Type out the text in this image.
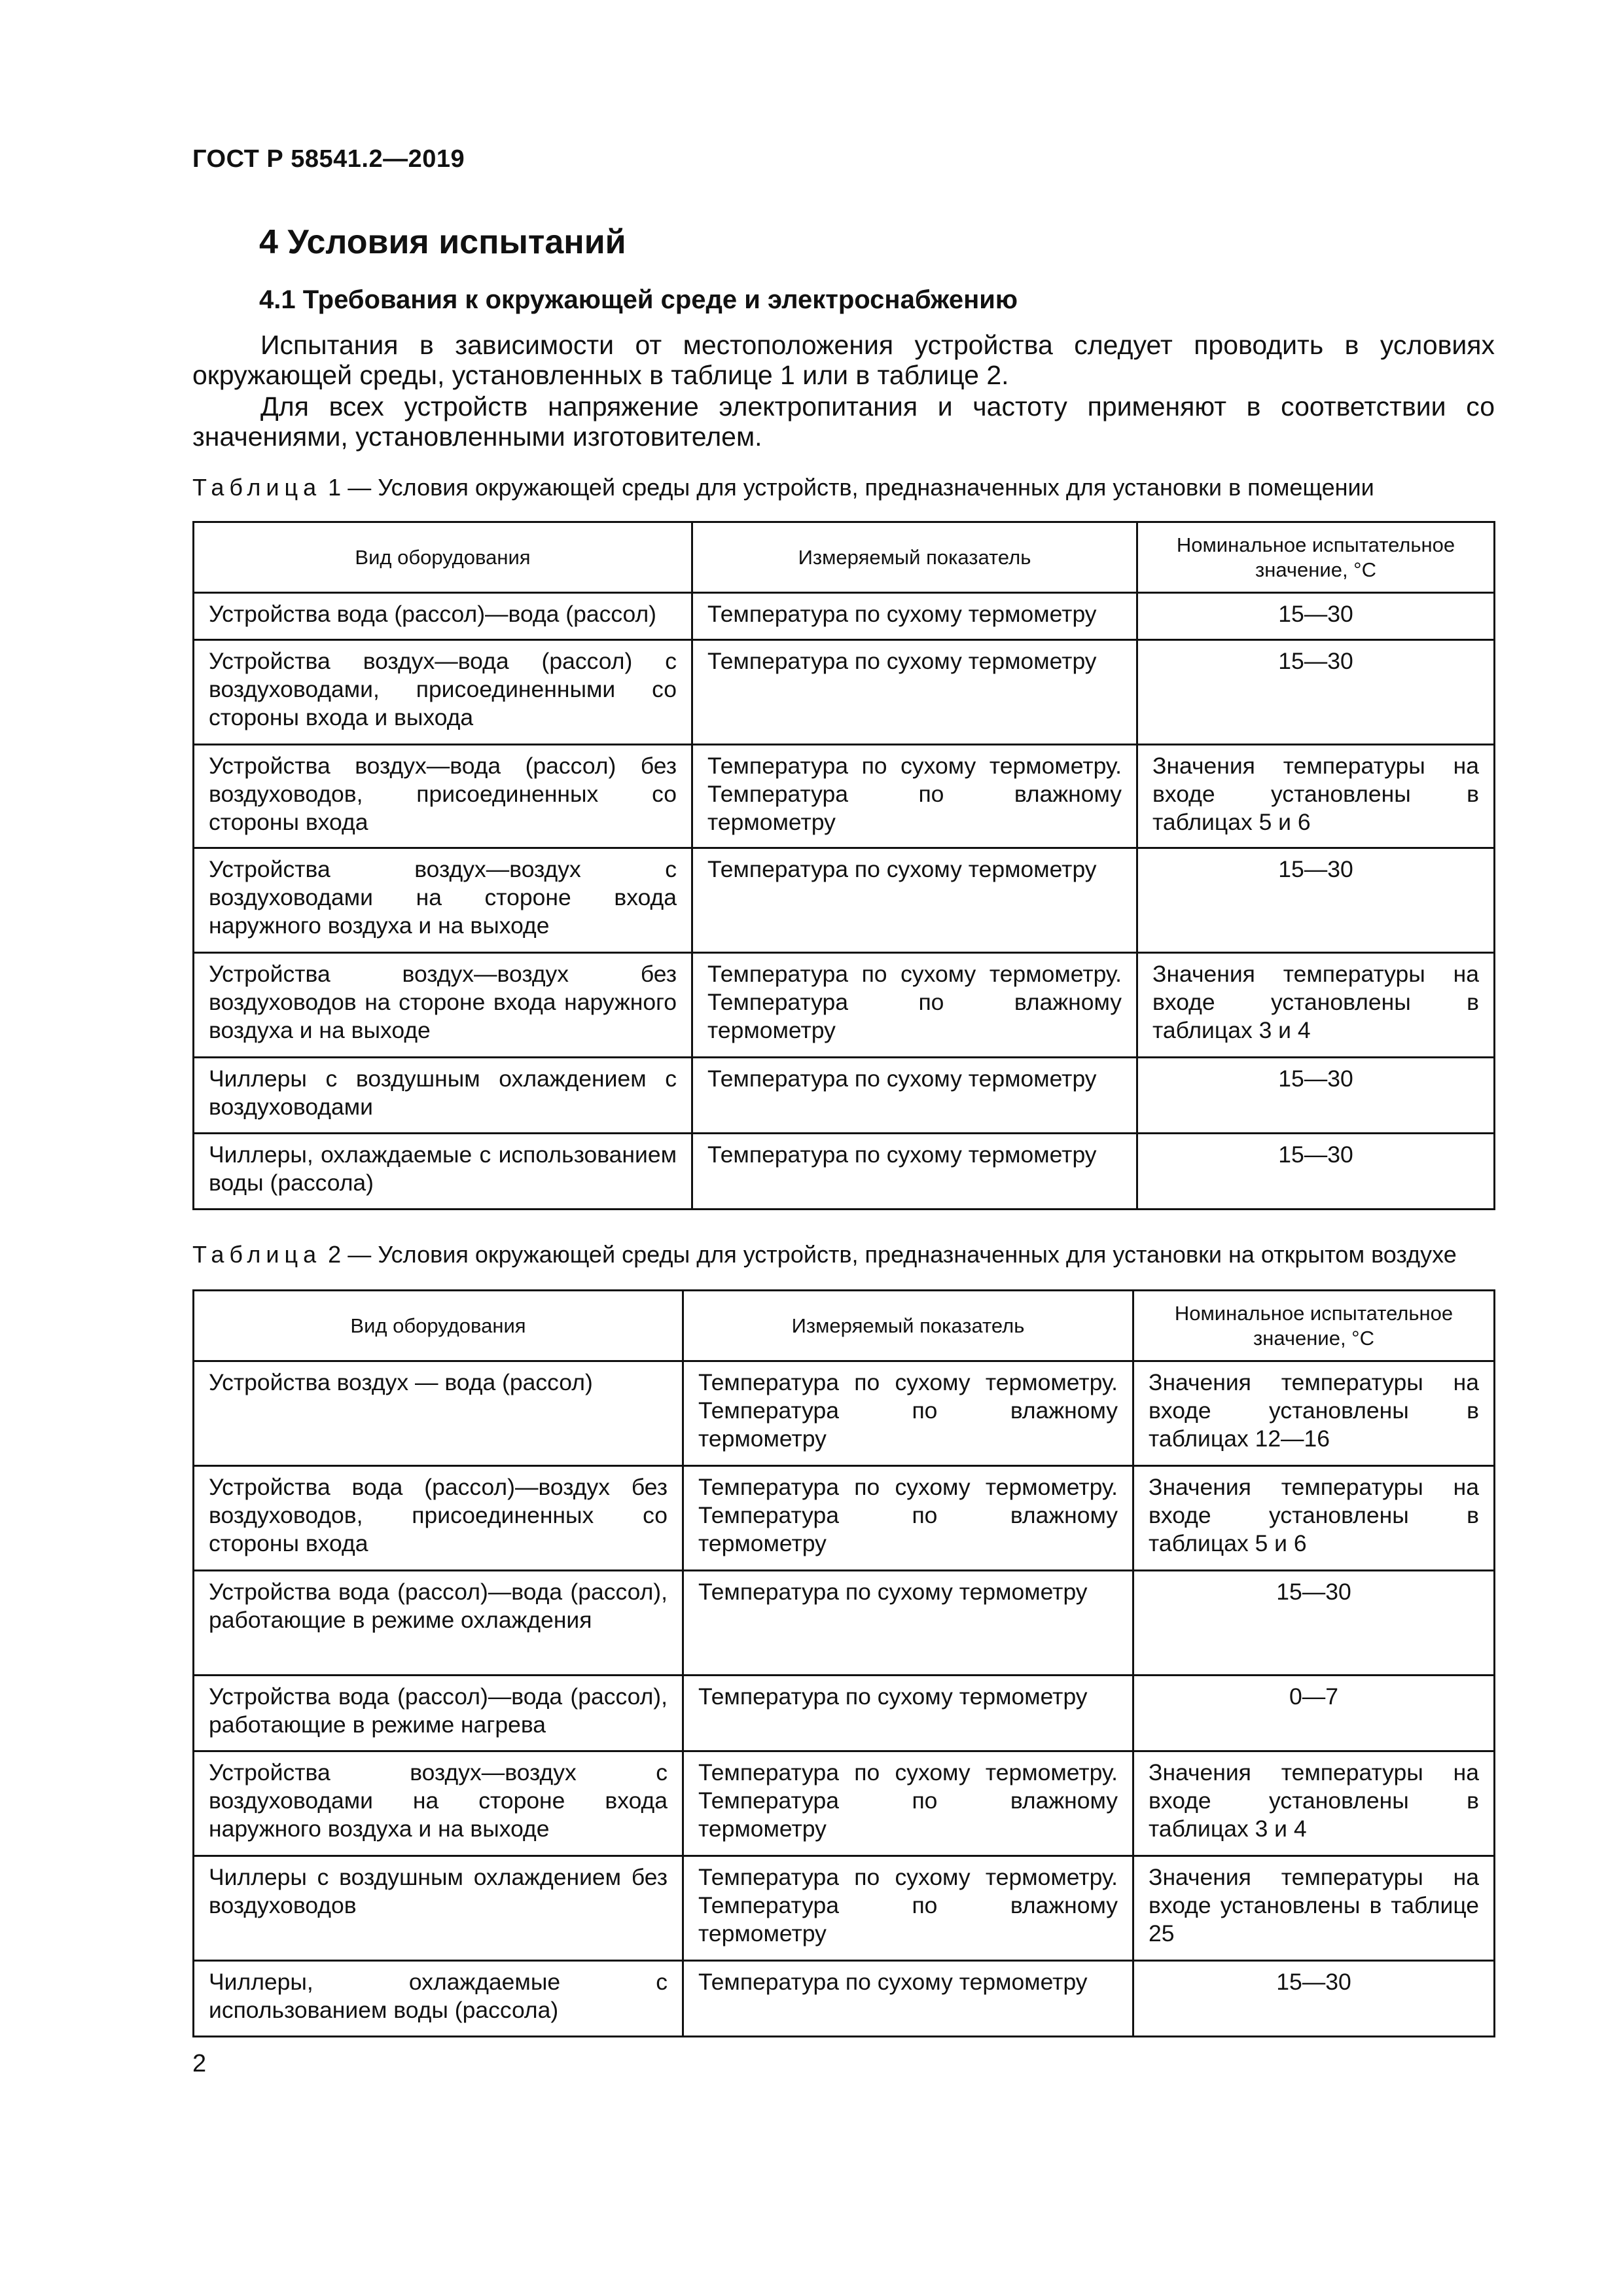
ГОСТ Р 58541.2—2019
4 Условия испытаний
4.1 Требования к окружающей среде и электроснабжению

Испытания в зависимости от местоположения устройства следует проводить в условиях окружающей среды, установленных в таблице 1 или в таблице 2.

Для всех устройств напряжение электропитания и частоту применяют в соответствии со значениями, установленными изготовителем.

Таблица 1 — Условия окружающей среды для устройств, предназначенных для установки в помещении
Вид оборудования	Измеряемый показатель	Номинальное испытательное значение, °С
Устройства вода (рассол)—вода (рассол)	Температура по сухому термометру	15—30
Устройства воздух—вода (рассол) с воздуховодами, присоединенными со стороны входа и выхода	Температура по сухому термометру	15—30
Устройства воздух—вода (рассол) без воздуховодов, присоединенных со стороны входа	Температура по сухому термометру. Температура по влажному термометру	Значения температуры на входе установлены в таблицах 5 и 6
Устройства воздух—воздух с воздуховодами на стороне входа наружного воздуха и на выходе	Температура по сухому термометру	15—30
Устройства воздух—воздух без воздуховодов на стороне входа наружного воздуха и на выходе	Температура по сухому термометру. Температура по влажному термометру	Значения температуры на входе установлены в таблицах 3 и 4
Чиллеры с воздушным охлаждением с воздуховодами	Температура по сухому термометру	15—30
Чиллеры, охлаждаемые с использованием воды (рассола)	Температура по сухому термометру	15—30
Таблица 2 — Условия окружающей среды для устройств, предназначенных для установки на открытом воздухе
Вид оборудования	Измеряемый показатель	Номинальное испытательное значение, °С
Устройства воздух — вода (рассол)	Температура по сухому термометру. Температура по влажному термометру	Значения температуры на входе установлены в таблицах 12—16
Устройства вода (рассол)—воздух без воздуховодов, присоединенных со стороны входа	Температура по сухому термометру. Температура по влажному термометру	Значения температуры на входе установлены в таблицах 5 и 6
Устройства вода (рассол)—вода (рассол), работающие в режиме охлаждения	Температура по сухому термометру	15—30
Устройства вода (рассол)—вода (рассол), работающие в режиме нагрева	Температура по сухому термометру	0—7
Устройства воздух—воздух с воздуховодами на стороне входа наружного воздуха и на выходе	Температура по сухому термометру. Температура по влажному термометру	Значения температуры на входе установлены в таблицах 3 и 4
Чиллеры с воздушным охлаждением без воздуховодов	Температура по сухому термометру. Температура по влажному термометру	Значения температуры на входе установлены в таблице 25
Чиллеры, охлаждаемые с использованием воды (рассола)	Температура по сухому термометру	15—30
2
